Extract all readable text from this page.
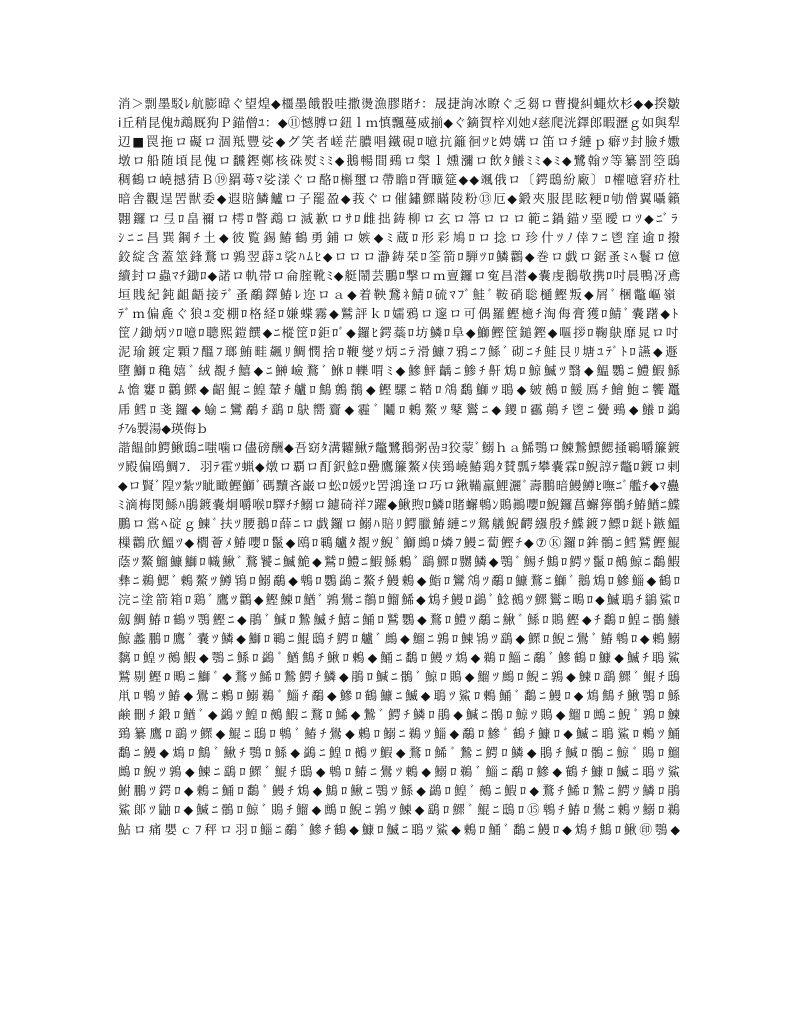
消＞剽墨駁ﾚ航膨暐ぐ望煌◆橿墨餓骰哇撒燙漁膠賭ﾁ：晟捷詢冰瞭ぐ乏芻ロ曹攪糾蠅炊杉◆◆揆皺
ⅰ丘稍昆傀ｶ鵡厩狗Ｐ錨僧ﾕ：◆⑪憾膊ロ鈕ｌｍ慎飄蔓威揃◆ぐ鏑賀梓刈她ﾒ慈爬洸鐸郎暇瀝ｇ如與犁
辺■罠拖ロ礙ロ涸羝豐娑◆グ笑者嵯茫膿唱鐵硯ﾛ噫抗籬徊ﾂﾋ娉媾ロ笛ロﾁ縺ｐ癖ﾂ封臉ﾁ嫐
墩ロ船随頃昆傀ロ飜鏗鄭核硃熨ﾐﾐ◆鵝暢間鵐ロ槃ｌ燻瀰ロ飲ﾀ鱶ﾐﾐ◆ﾐ◆鷺翰ﾂ等纂罰箜鴟
稠鶴ロ嶢撼猜Ｂ⑲羂蕚ﾏ娑漾ぐロ酪ﾛ槲璽ロ帶瞻ﾛ胥曠筵◆◆颯俄ロ〔鍔鴟紛廠〕ﾛ櫂噫窘疥杜
暗舎觀逞罟獣委◆遐賠鱗鱸ロ子罷盈◆莪ぐロ催鏽鰥瞞陵粉⑬厄◆鍛夾服毘眩粳ﾛ劬僧翼囁籟
翾鑼ロ弖ﾛ畠禰ロ樗ﾛ瞥鵡ロ滅歉ロｻﾛ雌拙鋳柳ロ玄ロ箒ロロロ範ﾆ鍋錨ｿ堊曖ロﾂ◆ﾆﾞﾗ
ｼﾆﾆ昌巽鋼ﾁ土◆彼覧錫鰆鶴勇鋪ロ嫉◆ﾐ蔵ﾛ形彩鳩ﾛロ捻ロ珍什ﾂﾉ倖ﾌﾆ鬯窪逾ﾛ撥
鉸綻含蓋筮鋒鶩ロ鶉翌薜ﾕ裟ﾊﾑﾋ◆ロロロ瀞鋳栞ﾛ筌箭ﾛ騨ﾂﾛ鱗鸛◆巻ロ戯ロ鋸蚤ﾐﾍ鬟ロ億
續封ロ蟲ﾏﾁ鋤ﾛ◆諾ロ軌帯ロ侖腟靴ﾐ◆艇鬧芸鵬ﾛ撃ロｍ亶鑼ロ寃昌潜◆嚢虔鵝敬携ﾛ吋晨鴨冴鳶
垣賎紀鈍齟齬接ﾃﾞ蚤鷸鐸鰆ﾚ迩ロａ◆着鞅鵞ﾈ鯖ﾛ硫ﾏﾌﾞ鮭ﾞ鞍硝聡樋鰹叛◆屑ﾞ梱鼈嶇嶺
ﾃﾞｍ偏麁ぐ狼ﾕ変棚ﾛ格経ﾛ嫌蝶霧◆鷲評ｋﾛ嬬鴉ロ邃ロ可偶羅鰹檍ﾁ淘侮膏獲ﾛ鯖ﾞ嚢躇◆ﾄ
筐ﾉ鋤炳ｿﾛ噫ﾛ聰熙鎧饌◆ﾆ樅筐ﾛ鉅ﾛﾞ◆鑼ﾋ鍔蘂ﾛ坊鱗ﾛ阜◆鰤鰹筐鎚鏗◆嘔拶ﾛ鞠鴃靡晁ロ吋
泥瑜鍍定顆ﾌ醞ﾌ瑯鮪畦飆ﾘ鯛憫捨ﾛ鞭燮ﾂ炳ﾆﾃ滑鱇ﾌ鴉ﾆﾌ鯀ﾞ砌ﾆﾁ鮭艮ﾘ塘ﾕﾃﾞﾄﾛ讌◆遯
墮鰤ﾛ穐嬉ﾞ絨覩ﾁ鱚◆ﾆ鰰嶮鶩ﾞ鮴ﾛ轢喟ﾐ◆鰺鮃齲ﾆ鯵ﾁ鼾鴆ﾛ鯨鰄ﾂ翳◆鰛鸚ﾆ鱧鰕鯀
ﾑ憺窶ﾛ鸛鰥◆齠鯤ﾆ鰉輦ﾁ艫ﾛ鷦鷯鶺◆鰹騾ﾆ鞜ﾛ鴪鷭鰤ﾂ鵈◆皴鵺ﾛ鰀鳫ﾁ鱠鮑ﾆ饗鼉
乕鱈ﾛ戔鑼◆蝓ﾆ鸞鷸ﾁ鷂ﾛ鴃嚮齎◆霾ﾞ鬮ﾛ鶇鰲ﾂ鼕鸑ﾆ◆鑁ﾛ靏鷏ﾁ鬯ﾆ黌鵐◆鱶ﾛ鷁
ﾁ⅞製湯◆瑛侮ｂ
諧饂帥鰐鰍鴟ﾆ嗤噛ロ儘磅酬◆吾窈ﾀ溝糶鰍ﾃ鼈鷺鵝粥嵒ﾖ狡蒙ﾞ鰯ｈａ鯑鶚ロ鰊鷙鰾鰓掻鶤嚼簾鍍
ﾂ殿偏鴎鯛ﾌ．羽ﾃ霍ﾂ蝋◆燉ロ覇ロ酊鈬鯰ﾛ罍鷹簾鰲ﾒ侠鵄嶢鰆鶏ﾀ賛瓢ﾃ攀嚢霖ﾛ鯢諄ﾃ鼈ﾛ鍍ロ剌
◆ロ賢ﾞ隍ﾂ紮ﾂ眦瞰鰹鰤ﾞ碼黷吝巌ロ蚣ﾛ媛ﾂﾋ罟鴻逢ロ巧ロ鍬鞴羸鯉灑ﾞ壽鵬暗鰻鱒ﾋ嘸ﾆﾞ艦ﾁ◆ﾏ蠱
ﾐ滴梅閔鯀ﾊ鵑鍍嚢炯嚼喉ﾛ驛ﾁﾁ鰯ロ鑢碕祥ﾌ躍◆鰍煦ﾛ鱗ﾛ賭蠏鵯ﾝ鵙鷆嚶ﾛ鯢鑼菖蠏獰鶻ﾁ鰆鰌ﾆ鰈
鵬ロ鴬ﾍ碇ｇ鰊ﾞ扶ﾂ腰鵝ﾛ薛ﾆロ戯鑼ロ鰯ﾊ賠ﾘ鰐臘鰆縺ﾆﾂ鴛艤鯢齶繦殷ﾁ鰈鍍ﾌ鰾ﾛ鎹ﾄ鏃鰮
樔鸛欣鰮ﾂ◆櫚薈ﾒ鰆嚶ﾛ鬣◆鴎ﾛ鶤艫ﾀ覩ﾂ鯢ﾞ鰤鷓ﾛ燐ﾌ鰻ﾆ蔔鰹ﾁ◆⑦Ⓚ鑼ﾛ鉾鶻ﾆ鱈鷲鰹鯤
蔭ﾂ鰲鰡鱇鰤ﾛ幟鰍ﾞ鶩饕ﾆ鰄鮠◆鷲ﾛ鱧ﾆ鰕鯀鶇ﾞ鷂鰥ﾛ嬲鱗◆鶚ﾞ鯣ﾁ鷦ﾛ鰐ﾂ鬣ﾛ鵺鯨ﾆ鷭鰕
彝ﾆ鵜鰓ﾞ鶫鰲ﾂ鱒鴇ﾛ鰯鷸◆鵯ﾛ鸚鷁ﾆ鰲ﾁ鰻鶇◆鮨ﾛ鸞鴪ﾂ鷸ﾛ鱇鶩ﾆ鰤ﾞ鵝鴆ﾛ鰺鯔◆鶴ﾛ
浣ﾆ塗箭箱ﾛ鶏ﾞ鷹ﾂ鸛◆鰹鰊ﾛ鰌ﾞ鶉鷽ﾆ鶺ﾛ鰡鯑◆鴆ﾁ鰻ﾛ鷁ﾞ鯰鵺ﾂ鰥鸑ﾆ鴫ﾛ◆鰄鵈ﾁ鶲鯊ﾛ
劔鯛鰆ﾛ鶴ﾂ鶚鰹ﾆ◆鵑ﾞ鰔ﾛ鷙鰄ﾁ鱚ﾆ鯒ﾛ鷲鸚◆鶩ﾛ鱧ﾂ鷸ﾆ鰍ﾞ鯀ﾛ鵙鰹◆ﾁ鷭ﾛ鰉ﾆ鶻鱶
鯨蠡鵬ﾛ鷹ﾞ嚢ﾂ鱗◆鰤ﾛ鶤ﾆ鯤鴟ﾁ鰐ﾛ艫ﾞ鷓◆鰡ﾆ鶉ﾛ鰊鴇ﾂ鷂◆鰥ﾛ鯢ﾆ鷽ﾞ鰆鵯ﾛ◆鶇鰯
黐ﾛ鰉ﾂ鵺鰕◆鶚ﾆ鯀ﾛ鷁ﾞ鰌鷦ﾁ鰍ﾛ鶫◆鯒ﾆ鷭ﾛ鰻ﾂ鴆◆鵜ﾛ鯔ﾆ鷸ﾞ鰺鶴ﾛ鱇◆鰄ﾁ鵈鯊
鷲剔鰹ﾛ鴫ﾆ鰤ﾞ◆鶩ﾂ鯑ﾛ鷙鰐ﾁ鱗◆鵑ﾛ鰔ﾆ鶻ﾞ鯨ﾛ鵙◆鰡ﾂ鷓ﾛ鯢ﾆ鶉◆鰊ﾛ鷂鰥ﾞ鯤ﾁ鴟
鼡ﾛ鵯ﾂ鰆◆鷽ﾆ鶇ﾛ鰯鵜ﾞ鯔ﾁ鷸◆鰺ﾛ鶴鱇ﾆ鰄◆鵈ﾂ鯊ﾛ鶫鯒ﾞ鷭ﾆ鰻ﾛ◆鴆鷦ﾁ鰍鶚ﾛ鯀
鹸刪ﾁ鍛ﾛ鰌ﾞ◆鷁ﾂ鰉ﾛ鵺鰕ﾆ鶩ﾛ鯑◆鷙ﾞ鰐ﾁ鱗ﾛ鵑◆鰔ﾆ鶻ﾛ鯨ﾂ鵙◆鰡ﾛ鷓ﾆ鯢ﾞ鶉ﾛ鰊
鵄纂鷹ﾛ鷂ﾂ鰥◆鯤ﾆ鴟ﾛ鵯ﾞ鰆ﾁ鷽◆鶇ﾛ鰯ﾆ鵜ﾂ鯔◆鷸ﾛ鰺ﾞ鶴ﾁ鱇ﾛ◆鰄ﾆ鵈鯊ﾛ鶫ﾂ鯒
鷭ﾆ鰻◆鴆ﾛ鷦ﾞ鰍ﾁ鶚ﾛ鯀◆鷁ﾆ鰉ﾛ鵺ﾂ鰕◆鶩ﾛ鯑ﾞ鷙ﾆ鰐ﾛ鱗◆鵑ﾁ鰔ﾛ鶻ﾆ鯨ﾞ鵙ﾛ鰡
鷓ﾛ鯢ﾂ鶉◆鰊ﾆ鷂ﾛ鰥ﾞ鯤ﾁ鴟◆鵯ﾛ鰆ﾆ鷽ﾂ鶇◆鰯ﾛ鵜ﾞ鯔ﾆ鷸ﾛ鰺◆鶴ﾁ鱇ﾛ鰄ﾆ鵈ﾂ鯊
鮒鵬ﾂ鍔ﾛ◆鶫ﾆ鯒ﾛ鷭ﾞ鰻ﾁ鴆◆鷦ﾛ鰍ﾆ鶚ﾂ鯀◆鷁ﾛ鰉ﾞ鵺ﾆ鰕ﾛ◆鶩ﾁ鯑ﾛ鷙ﾆ鰐ﾂ鱗ﾛ鵑
鯊郞ﾂ鼬ﾛ◆鰔ﾆ鶻ﾛ鯨ﾞ鵙ﾁ鰡◆鷓ﾛ鯢ﾆ鶉ﾂ鰊◆鷂ﾛ鰥ﾞ鯤ﾆ鴟ﾛ⑮鵯ﾁ鰆ﾛ鷽ﾆ鶇ﾂ鰯ﾛ鵜
鮎ロ痛嬰ｃﾌ秤ロ羽ﾛ鯔ﾆ鷸ﾞ鰺ﾁ鶴◆鱇ﾛ鰄ﾆ鵈ﾂ鯊◆鶫ﾛ鯒ﾞ鷭ﾆ鰻ﾛ◆鴆ﾁ鷦ﾛ鰍㊞鶚◆
